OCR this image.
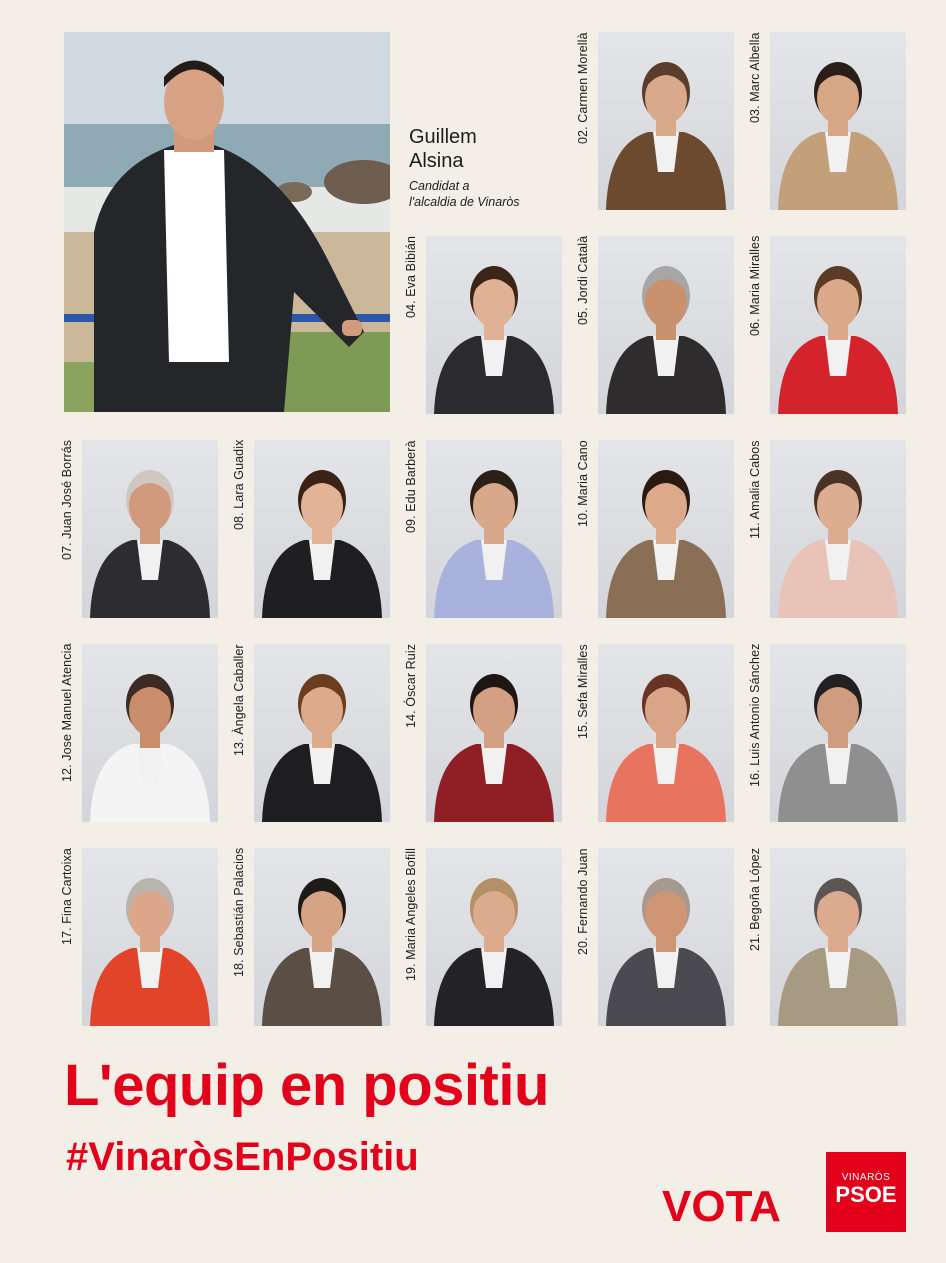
Guillem
Alsina
Candidat a
l'alcaldia de Vinaròs
02. Carmen Morellà	03. Marc Albella
04. Eva Bibián	05. Jordi Català	06. Maria Miralles
07. Juan José Borrás	08. Lara Guadix	09. Edu Barberà	10. Maria Cano	11. Amalia Cabos
12. Jose Manuel Atencia	13. Àngela Caballer	14. Óscar Ruiz	15. Sefa Miralles	16. Luis Antonio Sánchez
17. Fina Cartoixa	18. Sebastián Palacios	19. Maria Angeles Bofill	20. Fernando Juan	21. Begoña López
L'equip en positiu
#VinaròsEnPositiu
VOTA
VINARÒS
PSOE
